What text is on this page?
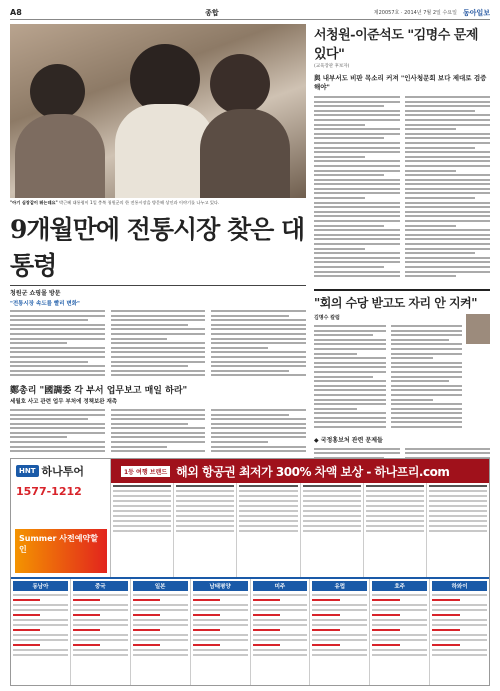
A8	종합	제20057호 · 2014년 7월 2일 수요일 동아일보
"아기 심장같이 뛰는데요" 박근혜 대통령이 1일 충북 청원군의 한 전통시장을 방문해 상인과 이야기를 나누고 있다.
9개월만에 전통시장 찾은 대통령
서청원-이준석도 "김명수 문제 있다"
(교육장관 후보자)
與 내부서도 비판 목소리 커져 "인사청문회 보다 제대로 검증해야"
청원군 쇼핑몰 방문
"전통시장 속도를 빨리 변화"
鄭총리 "國調委 각 부서 업무보고 매일 하라"
세월호 사고 관련 업무 부처에 정책보완 재촉
"회의 수당 받고도 자리 안 지켜"
김명수 칼럼
◆ 국정홍보처 관련 문제들
HNT 하나투어
1577-1212
Summer 사전예약할인
1등 여행 브랜드 해외 항공권 최저가 300% 차액 보상 - 하나프리.com
동남아	중국	일본	남태평양	미주	유럽	호주	하와이
